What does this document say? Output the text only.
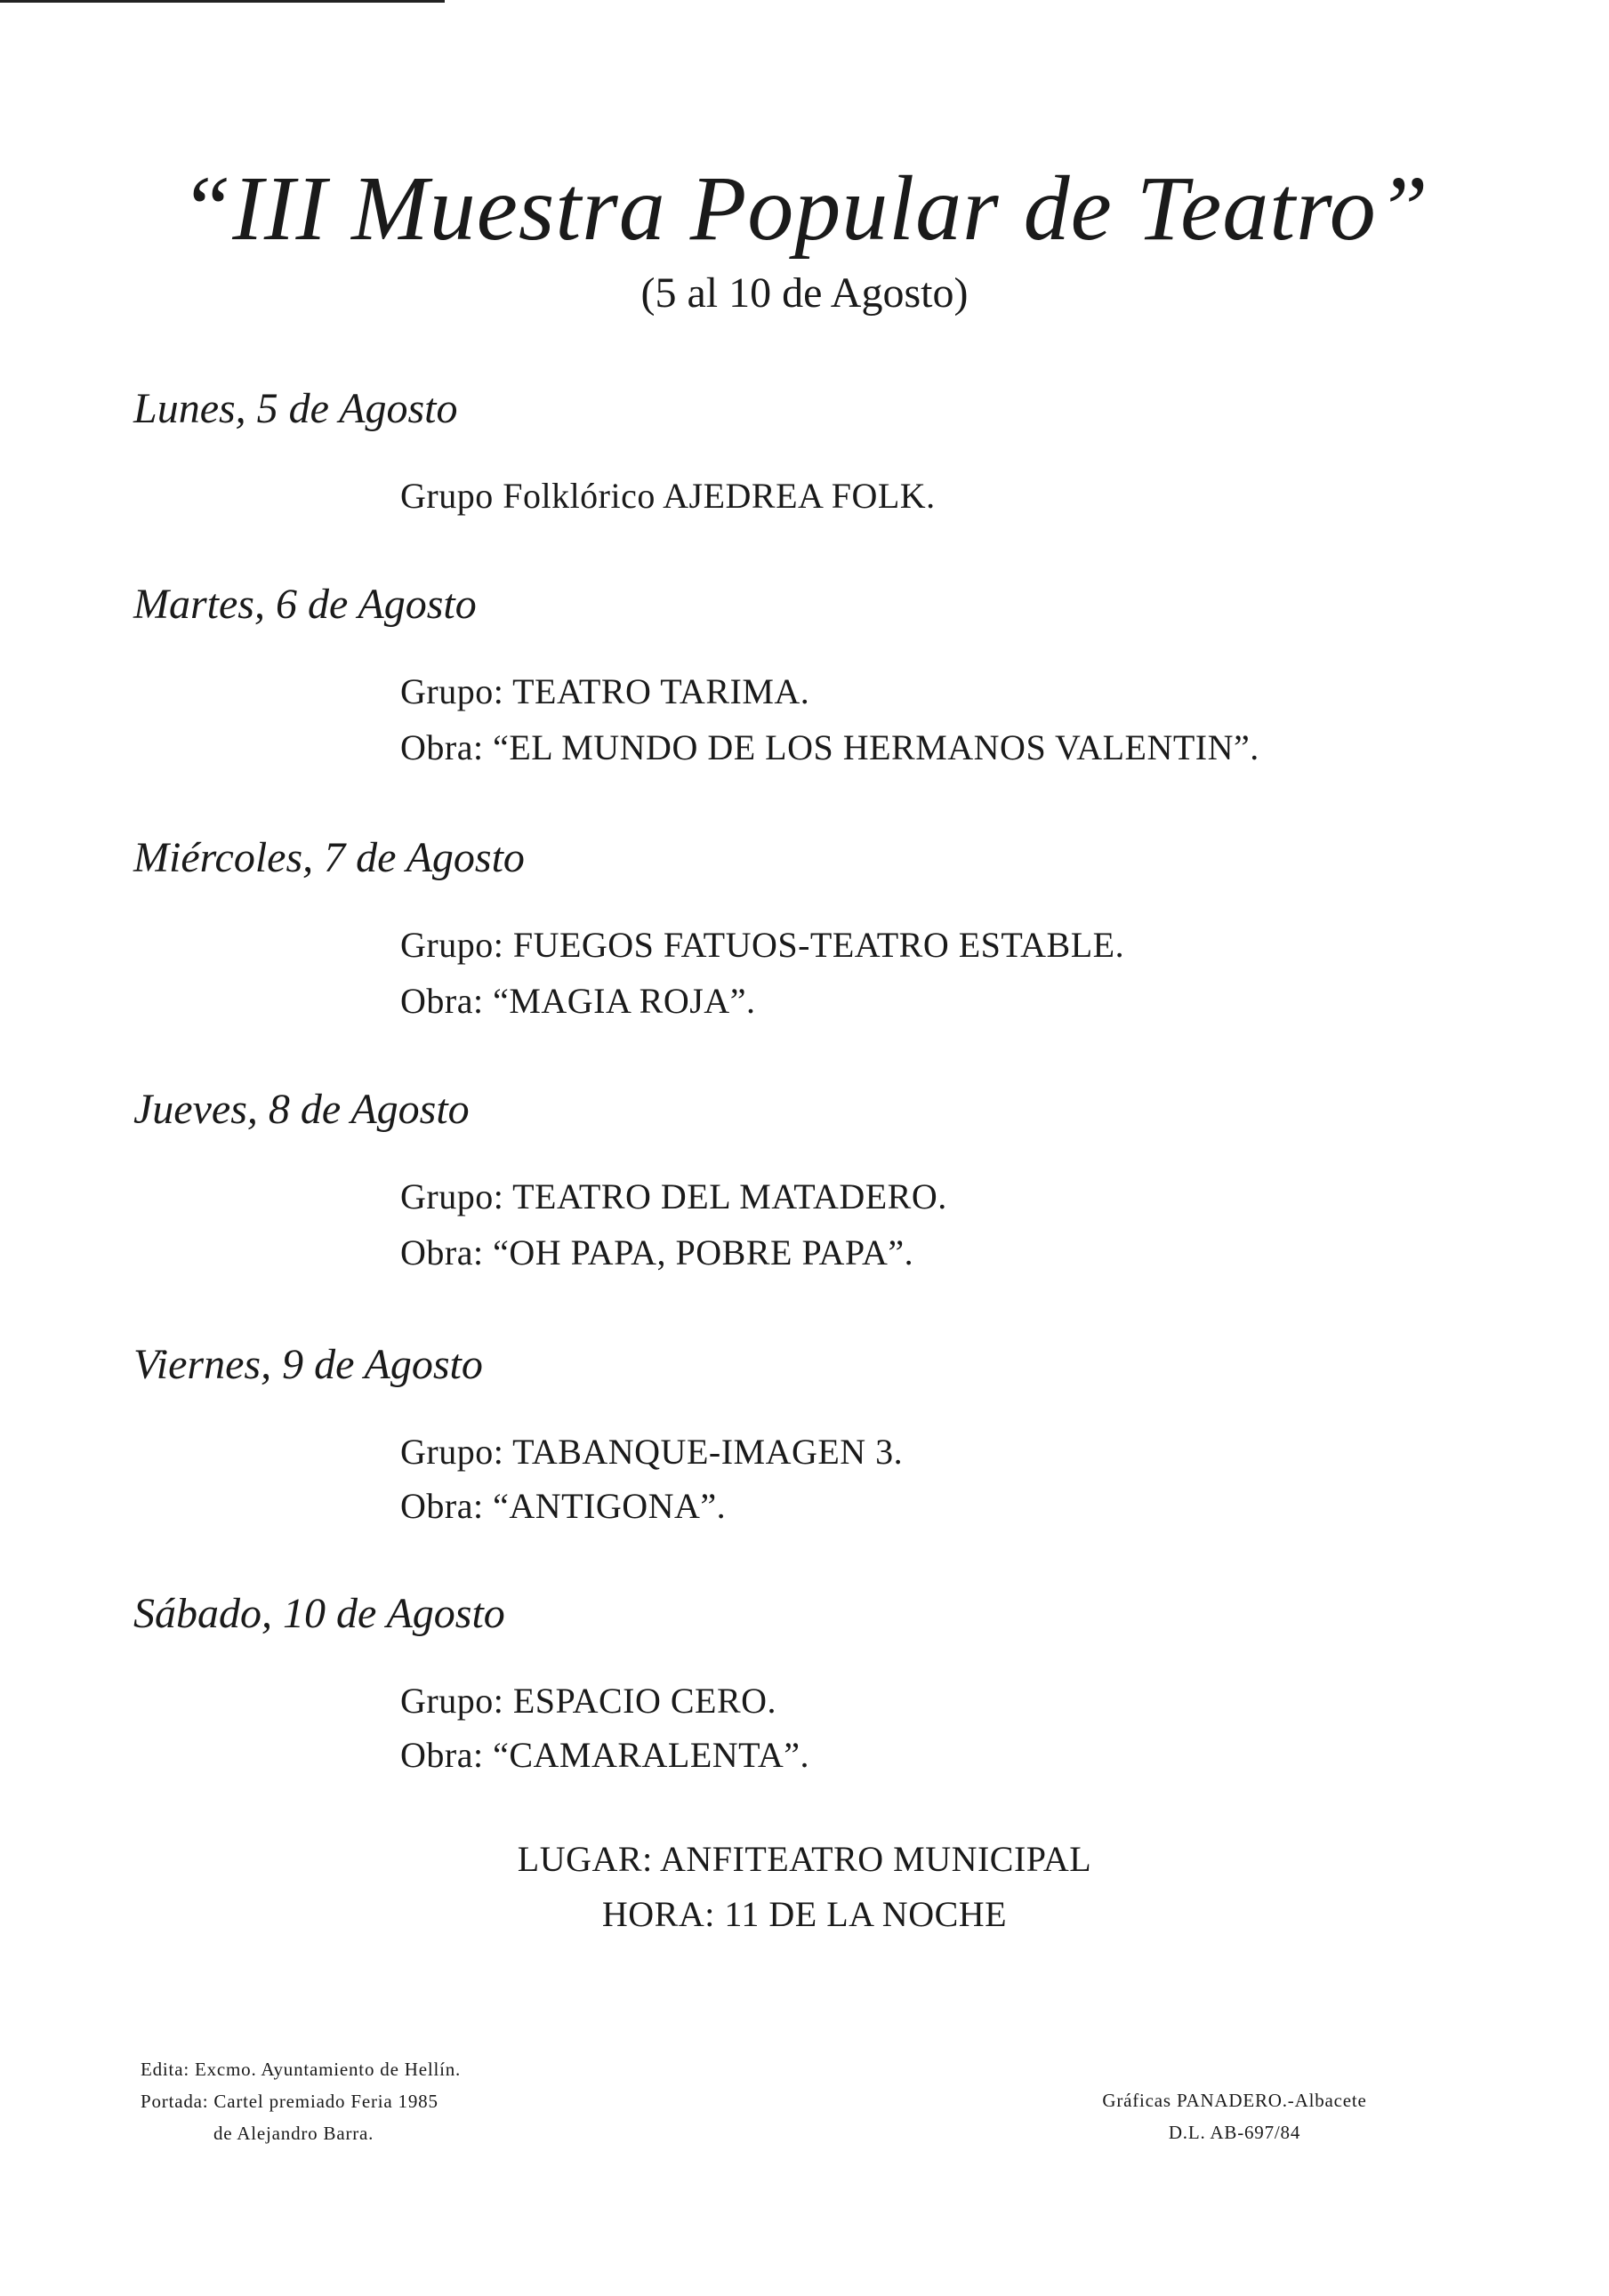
“III Muestra Popular de Teatro”
(5 al 10 de Agosto)
Lunes, 5 de Agosto
Grupo Folklórico AJEDREA FOLK.
Martes, 6 de Agosto
Grupo: TEATRO TARIMA.
Obra: “EL MUNDO DE LOS HERMANOS VALENTIN”.
Miércoles, 7 de Agosto
Grupo: FUEGOS FATUOS-TEATRO ESTABLE.
Obra: “MAGIA ROJA”.
Jueves, 8 de Agosto
Grupo: TEATRO DEL MATADERO.
Obra: “OH PAPA, POBRE PAPA”.
Viernes, 9 de Agosto
Grupo: TABANQUE-IMAGEN 3.
Obra: “ANTIGONA”.
Sábado, 10 de Agosto
Grupo: ESPACIO CERO.
Obra: “CAMARALENTA”.
LUGAR: ANFITEATRO MUNICIPAL
HORA: 11 DE LA NOCHE
Edita: Excmo. Ayuntamiento de Hellín.
Portada: Cartel premiado Feria 1985
de Alejandro Barra.
Gráficas PANADERO.-Albacete
D.L. AB-697/84
